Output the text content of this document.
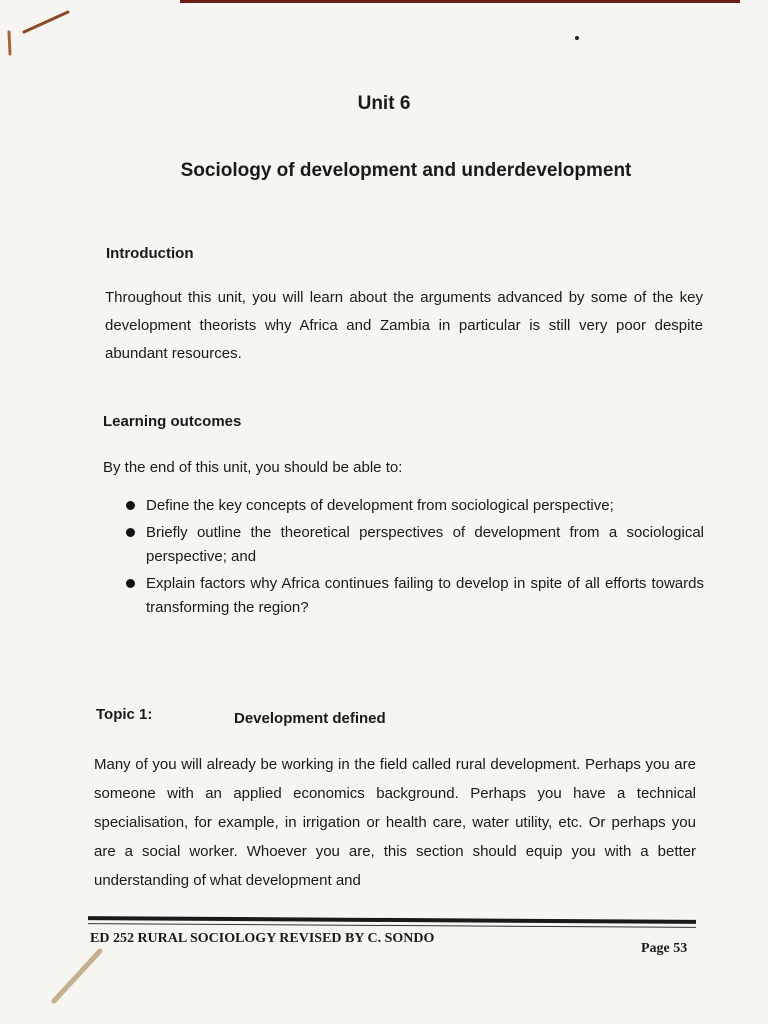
Unit 6
Sociology of development and underdevelopment
Introduction
Throughout this unit, you will learn about the arguments advanced by some of the key development theorists why Africa and Zambia in particular is still very poor despite abundant resources.
Learning outcomes
By the end of this unit, you should be able to:
Define the key concepts of development from sociological perspective;
Briefly outline the theoretical perspectives of development from a sociological perspective; and
Explain factors why Africa continues failing to develop in spite of all efforts towards transforming the region?
Topic 1:	Development defined
Many of you will already be working in the field called rural development. Perhaps you are someone with an applied economics background. Perhaps you have a technical specialisation, for example, in irrigation or health care, water utility, etc. Or perhaps you are a social worker. Whoever you are, this section should equip you with a better understanding of what development and
ED 252 RURAL SOCIOLOGY REVISED BY C. SONDO
Page 53
